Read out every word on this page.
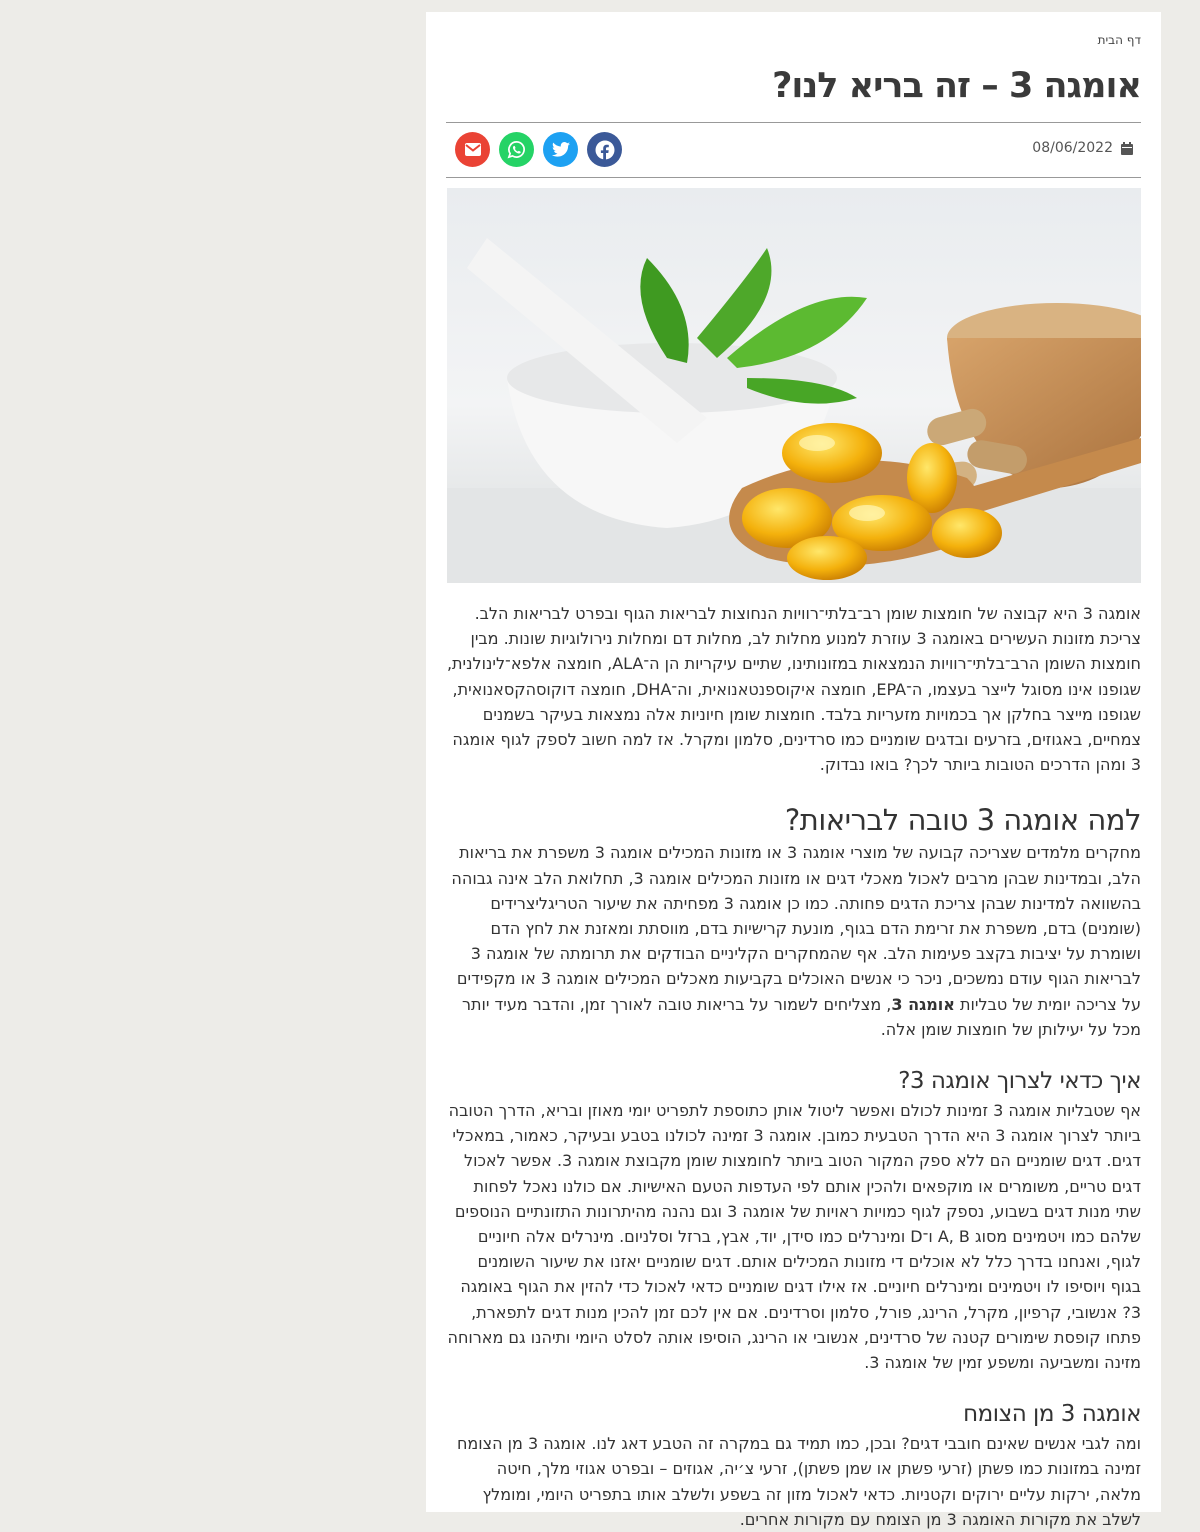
דף הבית
אומגה 3 – זה בריא לנו?
08/06/2022

אומגה 3 היא קבוצה של חומצות שומן רב־בלתי־רוויות הנחוצות לבריאות הגוף ובפרט לבריאות הלב. צריכת מזונות העשירים באומגה 3 עוזרת למנוע מחלות לב, מחלות דם ומחלות נירולוגיות שונות. מבין חומצות השומן הרב־בלתי־רוויות הנמצאות במזונותינו, שתיים עיקריות הן ה־ALA, חומצה אלפא־לינולנית, שגופנו אינו מסוגל לייצר בעצמו, ה־EPA, חומצה איקוספנטאנואית, וה־DHA, חומצה דוקוסהקסאנואית, שגופנו מייצר בחלקן אך בכמויות מזעריות בלבד. חומצות שומן חיוניות אלה נמצאות בעיקר בשמנים צמחיים, באגוזים, בזרעים ובדגים שומניים כמו סרדינים, סלמון ומקרל. אז למה חשוב לספק לגוף אומגה 3 ומהן הדרכים הטובות ביותר לכך? בואו נבדוק.

למה אומגה 3 טובה לבריאות?

מחקרים מלמדים שצריכה קבועה של מוצרי אומגה 3 או מזונות המכילים אומגה 3 משפרת את בריאות הלב, ובמדינות שבהן מרבים לאכול מאכלי דגים או מזונות המכילים אומגה 3, תחלואת הלב אינה גבוהה בהשוואה למדינות שבהן צריכת הדגים פחותה. כמו כן אומגה 3 מפחיתה את שיעור הטריגליצרידים (שומנים) בדם, משפרת את זרימת הדם בגוף, מונעת קרישיות בדם, מווסתת ומאזנת את לחץ הדם ושומרת על יציבות בקצב פעימות הלב. אף שהמחקרים הקליניים הבודקים את תרומתה של אומגה 3 לבריאות הגוף עודם נמשכים, ניכר כי אנשים האוכלים בקביעות מאכלים המכילים אומגה 3 או מקפידים על צריכה יומית של טבליות אומגה 3, מצליחים לשמור על בריאות טובה לאורך זמן, והדבר מעיד יותר מכל על יעילותן של חומצות שומן אלה.

איך כדאי לצרוך אומגה 3?

אף שטבליות אומגה 3 זמינות לכולם ואפשר ליטול אותן כתוספת לתפריט יומי מאוזן ובריא, הדרך הטובה ביותר לצרוך אומגה 3 היא הדרך הטבעית כמובן. אומגה 3 זמינה לכולנו בטבע ובעיקר, כאמור, במאכלי דגים. דגים שומניים הם ללא ספק המקור הטוב ביותר לחומצות שומן מקבוצת אומגה 3. אפשר לאכול דגים טריים, משומרים או מוקפאים ולהכין אותם לפי העדפות הטעם האישיות. אם כולנו נאכל לפחות שתי מנות דגים בשבוע, נספק לגוף כמויות ראויות של אומגה 3 וגם נהנה מהיתרונות התזונתיים הנוספים שלהם כמו ויטמינים מסוג A, B ו־D ומינרלים כמו סידן, יוד, אבץ, ברזל וסלניום. מינרלים אלה חיוניים לגוף, ואנחנו בדרך כלל לא אוכלים די מזונות המכילים אותם. דגים שומניים יאזנו את שיעור השומנים בגוף ויוסיפו לו ויטמינים ומינרלים חיוניים. אז אילו דגים שומניים כדאי לאכול כדי להזין את הגוף באומגה 3? אנשובי, קרפיון, מקרל, הרינג, פורל, סלמון וסרדינים. אם אין לכם זמן להכין מנות דגים לתפארת, פתחו קופסת שימורים קטנה של סרדינים, אנשובי או הרינג, הוסיפו אותה לסלט היומי ותיהנו גם מארוחה מזינה ומשביעה ומשפע זמין של אומגה 3.

אומגה 3 מן הצומח

ומה לגבי אנשים שאינם חובבי דגים? ובכן, כמו תמיד גם במקרה זה הטבע דאג לנו. אומגה 3 מן הצומח זמינה במזונות כמו פשתן (זרעי פשתן או שמן פשתן), זרעי צ׳יה, אגוזים – ובפרט אגוזי מלך, חיטה מלאה, ירקות עליים ירוקים וקטניות. כדאי לאכול מזון זה בשפע ולשלב אותו בתפריט היומי, ומומלץ לשלב את מקורות האומגה 3 מן הצומח עם מקורות אחרים.
